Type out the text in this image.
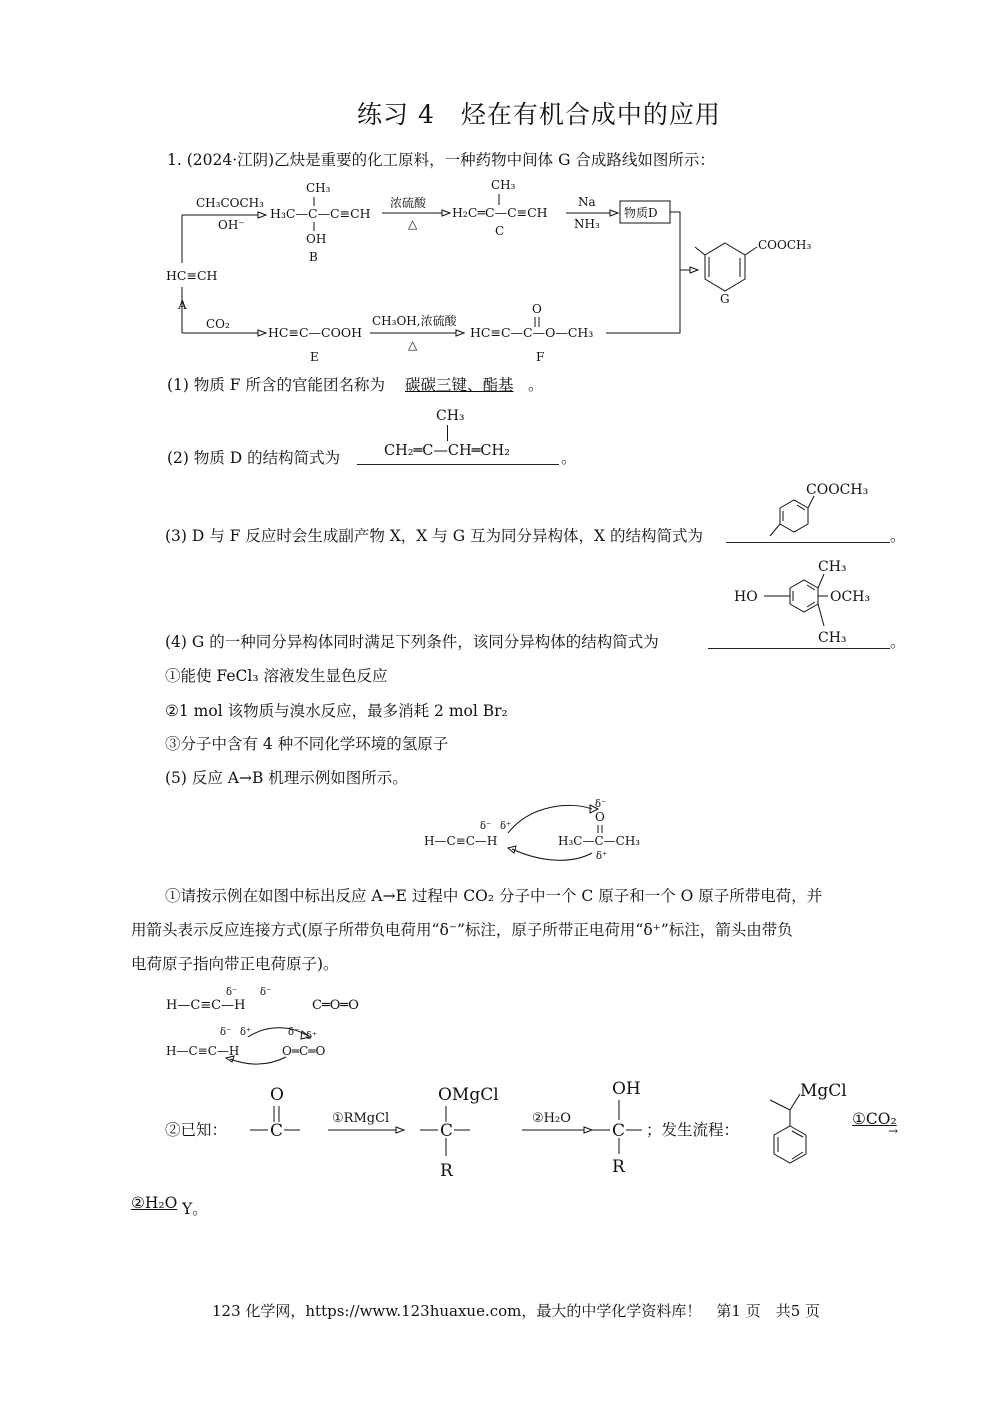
练习 4　烃在有机合成中的应用
1. (2024·江阴)乙炔是重要的化工原料，一种药物中间体 G 合成路线如图所示：
CH₃COCH₃
OH⁻
CH₃
H₃C—C—C≡CH
OH
B
浓硫酸
△
CH₃
H₂C═C—C≡CH
C
Na
NH₃
物质D
HC≡CH
A
CO₂
HC≡C—COOH
E
CH₃OH,浓硫酸
△
O
HC≡C—C—O—CH₃
F
COOCH₃
G
(1) 物质 F 所含的官能团名称为 碳碳三键、酯基 。
(2) 物质 D 的结构简式为
CH₃
CH₂═C—CH═CH₂	。
(3) D 与 F 反应时会生成副产物 X，X 与 G 互为同分异构体，X 的结构简式为
COOCH₃
。
HO	OCH₃
CH₃
CH₃
(4) G 的一种同分异构体同时满足下列条件，该同分异构体的结构简式为	。
①能使 FeCl₃ 溶液发生显色反应
②1 mol 该物质与溴水反应，最多消耗 2 mol Br₂
③分子中含有 4 种不同化学环境的氢原子
(5) 反应 A→B 机理示例如图所示。
H—C≡C—H
δ⁻ δ⁺
δ⁻
O
H₃C—C—CH₃
δ⁺
①请按示例在如图中标出反应 A→E 过程中 CO₂ 分子中一个 C 原子和一个 O 原子所带电荷，并
用箭头表示反应连接方式(原子所带负电荷用“δ⁻”标注，原子所带正电荷用“δ⁺”标注，箭头由带负
电荷原子指向带正电荷原子)。
δ⁻ δ⁻
H—C≡C—H	C═O═O
δ⁻ δ⁺	δ⁻ δ⁺
H—C≡C—H	O═C═O
②已知：
O
C
①RMgCl
OMgCl
C
R
②H₂O
OH
C
R
；发生流程：
MgCl
①CO₂
→
②H₂O Y。
123 化学网，https://www.123huaxue.com，最大的中学化学资料库！　第1 页　共5 页
